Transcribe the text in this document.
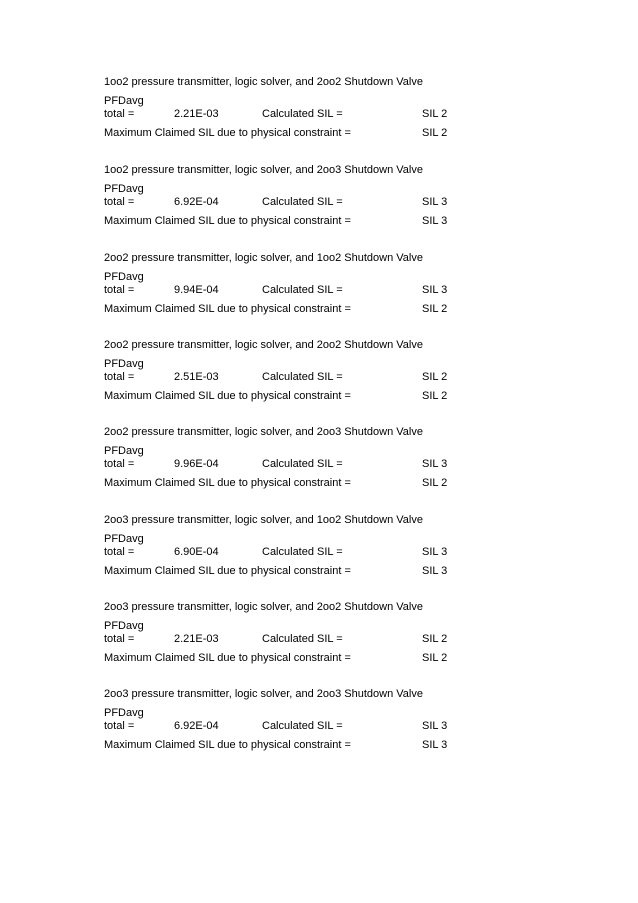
1oo2 pressure transmitter, logic solver, and 2oo2 Shutdown Valve
PFDavg
total =	2.21E-03	Calculated SIL =	SIL 2
Maximum Claimed SIL due to physical constraint =	SIL 2
1oo2 pressure transmitter, logic solver, and 2oo3 Shutdown Valve
PFDavg
total =	6.92E-04	Calculated SIL =	SIL 3
Maximum Claimed SIL due to physical constraint =	SIL 3
2oo2 pressure transmitter, logic solver, and 1oo2 Shutdown Valve
PFDavg
total =	9.94E-04	Calculated SIL =	SIL 3
Maximum Claimed SIL due to physical constraint =	SIL 2
2oo2 pressure transmitter, logic solver, and 2oo2 Shutdown Valve
PFDavg
total =	2.51E-03	Calculated SIL =	SIL 2
Maximum Claimed SIL due to physical constraint =	SIL 2
2oo2 pressure transmitter, logic solver, and 2oo3 Shutdown Valve
PFDavg
total =	9.96E-04	Calculated SIL =	SIL 3
Maximum Claimed SIL due to physical constraint =	SIL 2
2oo3 pressure transmitter, logic solver, and 1oo2 Shutdown Valve
PFDavg
total =	6.90E-04	Calculated SIL =	SIL 3
Maximum Claimed SIL due to physical constraint =	SIL 3
2oo3 pressure transmitter, logic solver, and 2oo2 Shutdown Valve
PFDavg
total =	2.21E-03	Calculated SIL =	SIL 2
Maximum Claimed SIL due to physical constraint =	SIL 2
2oo3 pressure transmitter, logic solver, and 2oo3 Shutdown Valve
PFDavg
total =	6.92E-04	Calculated SIL =	SIL 3
Maximum Claimed SIL due to physical constraint =	SIL 3
